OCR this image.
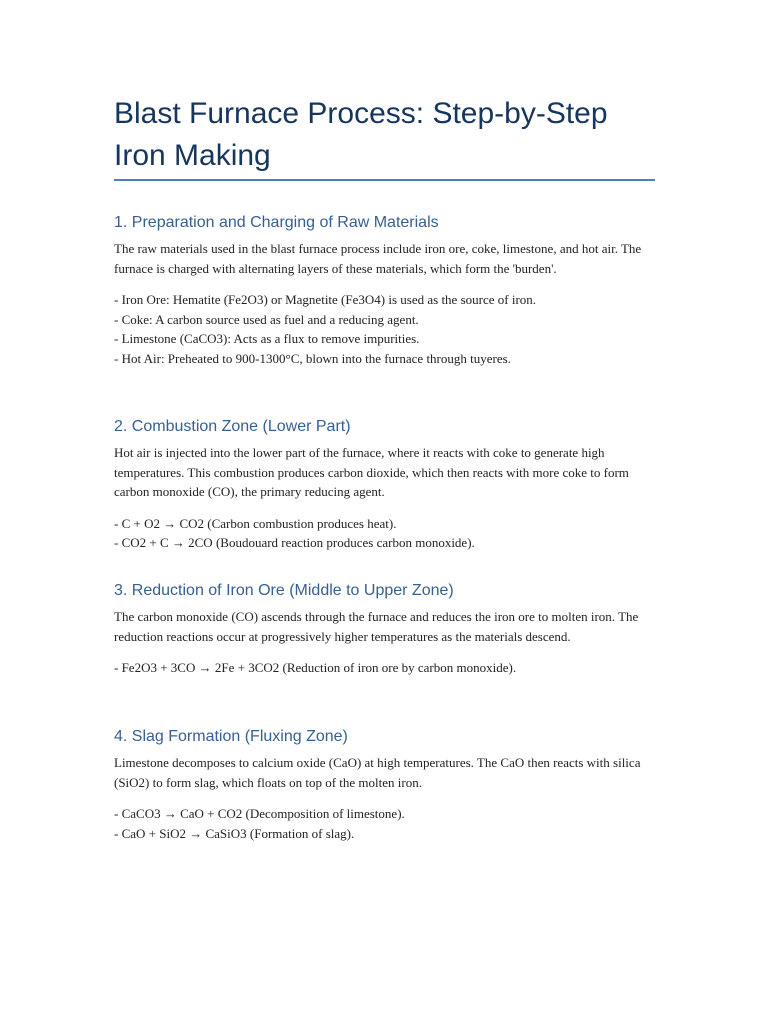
Blast Furnace Process: Step-by-Step Iron Making
1. Preparation and Charging of Raw Materials

The raw materials used in the blast furnace process include iron ore, coke, limestone, and hot air. The furnace is charged with alternating layers of these materials, which form the 'burden'.

- Iron Ore: Hematite (Fe2O3) or Magnetite (Fe3O4) is used as the source of iron.
- Coke: A carbon source used as fuel and a reducing agent.
- Limestone (CaCO3): Acts as a flux to remove impurities.
- Hot Air: Preheated to 900-1300°C, blown into the furnace through tuyeres.
2. Combustion Zone (Lower Part)

Hot air is injected into the lower part of the furnace, where it reacts with coke to generate high temperatures. This combustion produces carbon dioxide, which then reacts with more coke to form carbon monoxide (CO), the primary reducing agent.

- C + O2 → CO2 (Carbon combustion produces heat).
- CO2 + C → 2CO (Boudouard reaction produces carbon monoxide).
3. Reduction of Iron Ore (Middle to Upper Zone)

The carbon monoxide (CO) ascends through the furnace and reduces the iron ore to molten iron. The reduction reactions occur at progressively higher temperatures as the materials descend.

- Fe2O3 + 3CO → 2Fe + 3CO2 (Reduction of iron ore by carbon monoxide).
4. Slag Formation (Fluxing Zone)

Limestone decomposes to calcium oxide (CaO) at high temperatures. The CaO then reacts with silica (SiO2) to form slag, which floats on top of the molten iron.

- CaCO3 → CaO + CO2 (Decomposition of limestone).
- CaO + SiO2 → CaSiO3 (Formation of slag).
